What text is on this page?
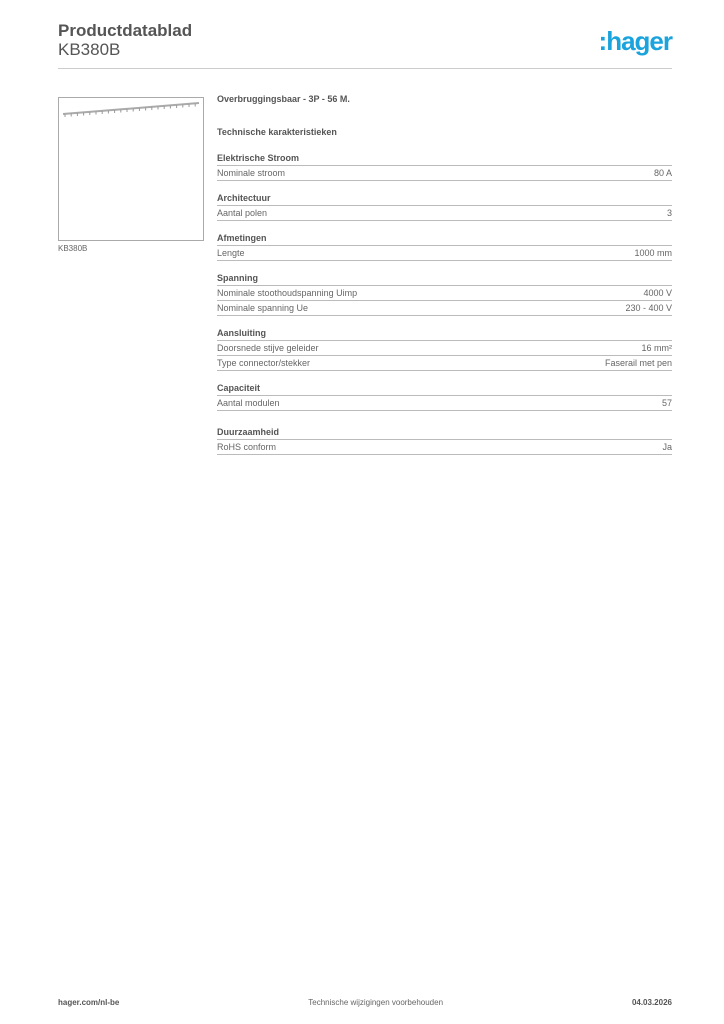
Productdatablad
KB380B	:hager
KB380B
Overbruggingsbaar - 3P - 56 M.
Technische karakteristieken
Elektrische Stroom
Nominale stroom	80 A
Architectuur
Aantal polen	3
Afmetingen
Lengte	1000 mm
Spanning
Nominale stoothoudspanning Uimp	4000 V
Nominale spanning Ue	230 - 400 V
Aansluiting
Doorsnede stijve geleider	16 mm²
Type connector/stekker	Faserail met pen
Capaciteit
Aantal modulen	57
Duurzaamheid
RoHS conform	Ja
hager.com/nl-be	Technische wijzigingen voorbehouden	04.03.2026
